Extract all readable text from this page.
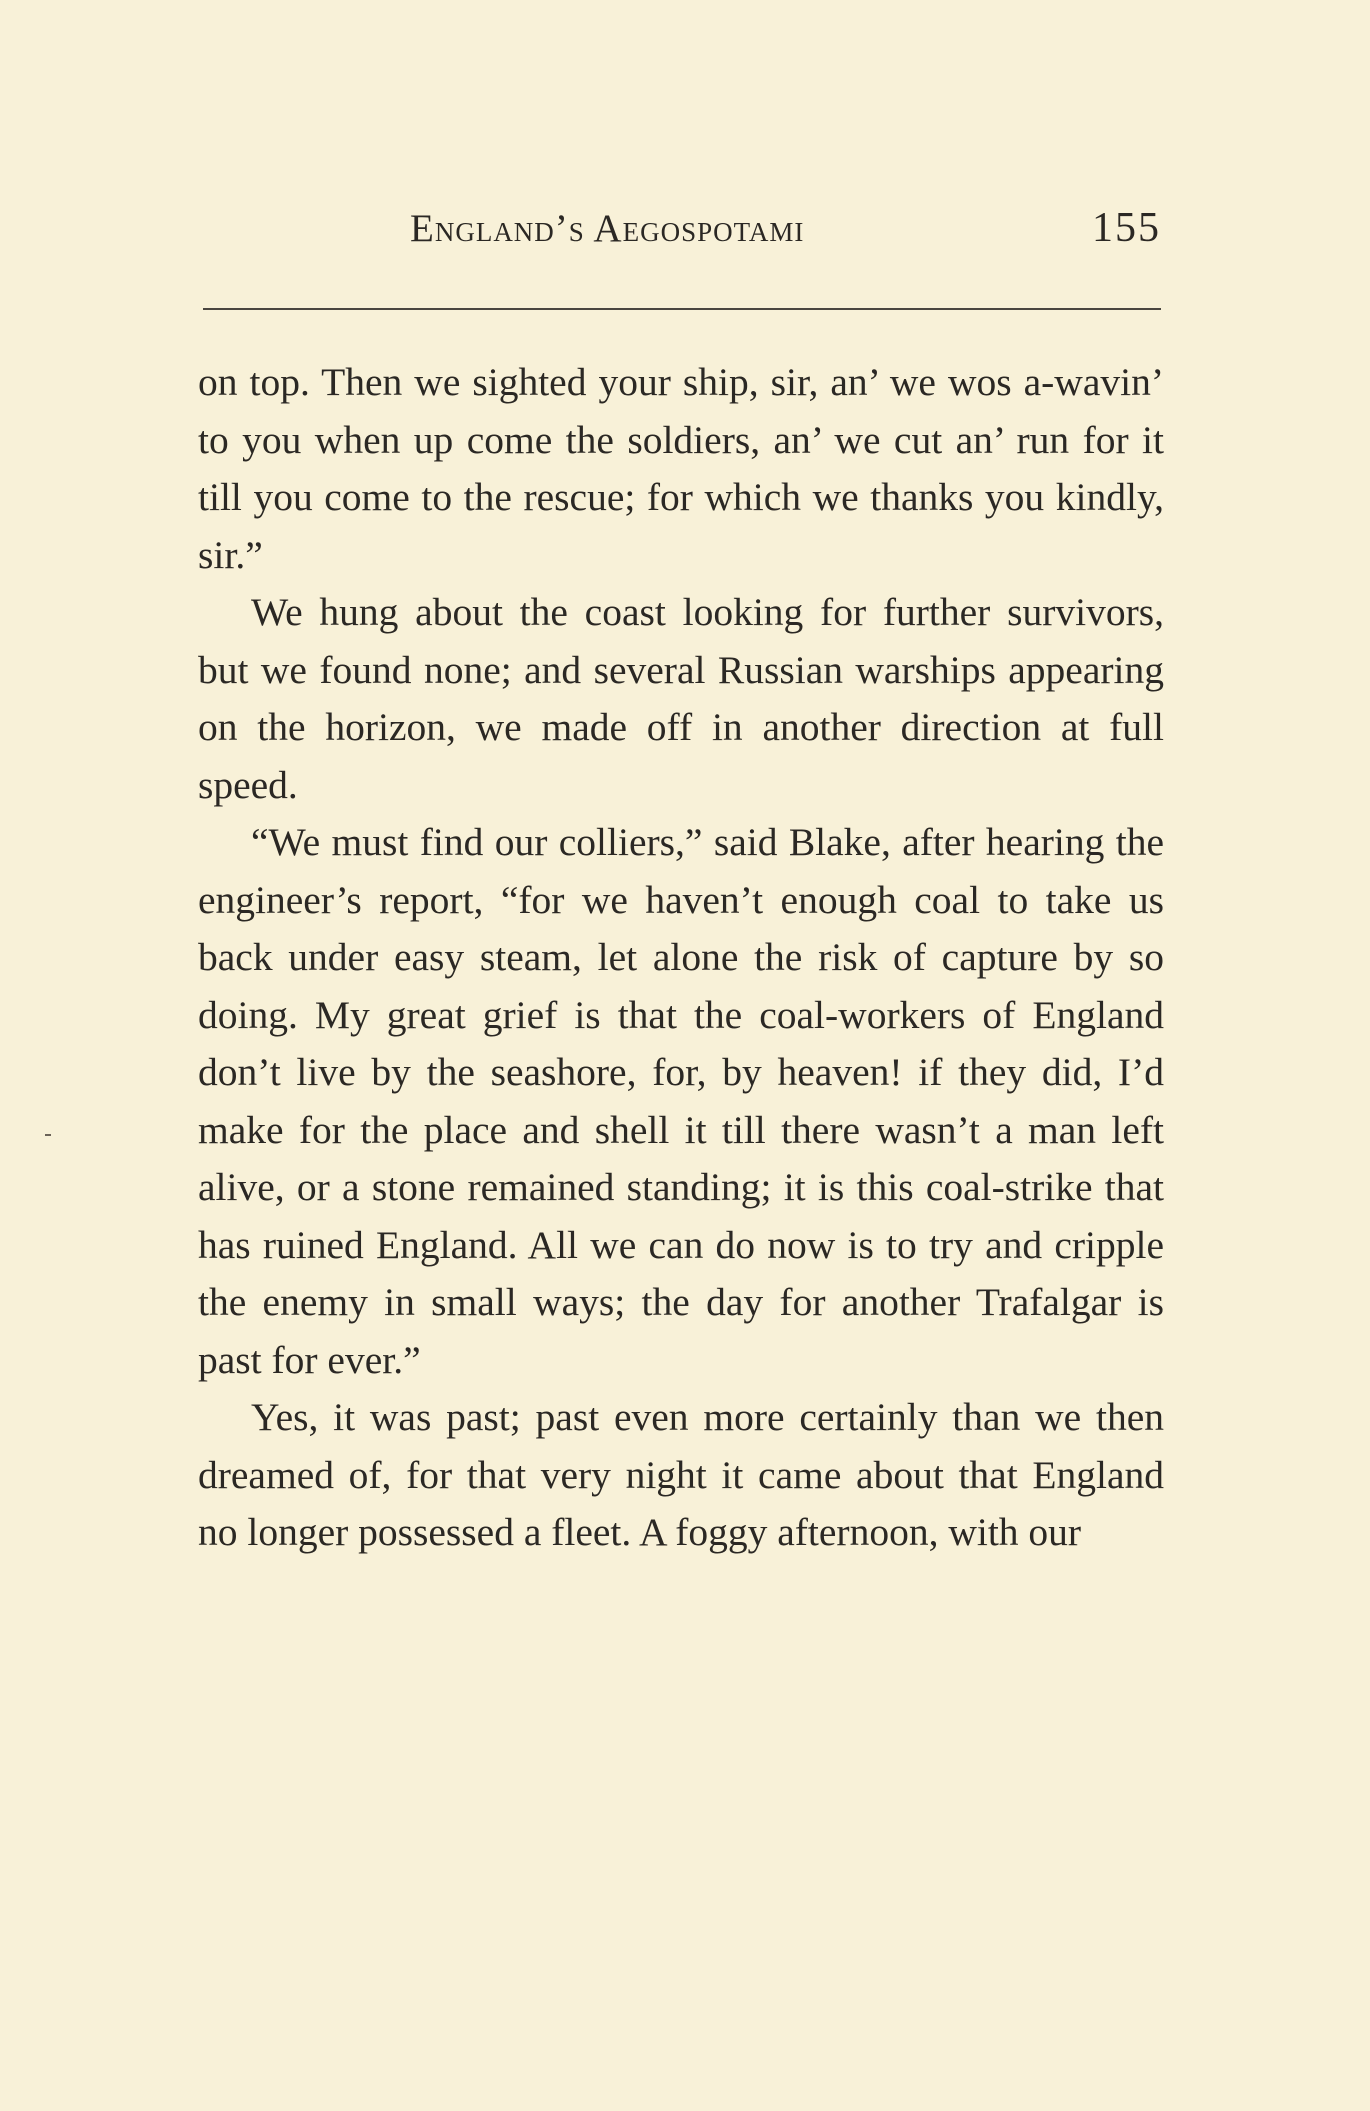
England’s Aegospotami	155

on top. Then we sighted your ship, sir, an’ we wos a-wavin’ to you when up come the soldiers, an’ we cut an’ run for it till you come to the rescue; for which we thanks you kindly, sir.”

We hung about the coast looking for further survivors, but we found none; and several Russian warships appearing on the horizon, we made off in another direction at full speed.

“We must find our colliers,” said Blake, after hearing the engineer’s report, “for we haven’t enough coal to take us back under easy steam, let alone the risk of capture by so doing. My great grief is that the coal-workers of England don’t live by the seashore, for, by heaven! if they did, I’d make for the place and shell it till there wasn’t a man left alive, or a stone remained standing; it is this coal-strike that has ruined England. All we can do now is to try and cripple the enemy in small ways; the day for another Trafalgar is past for ever.”

Yes, it was past; past even more certainly than we then dreamed of, for that very night it came about that England no longer possessed a fleet. A foggy afternoon, with our
